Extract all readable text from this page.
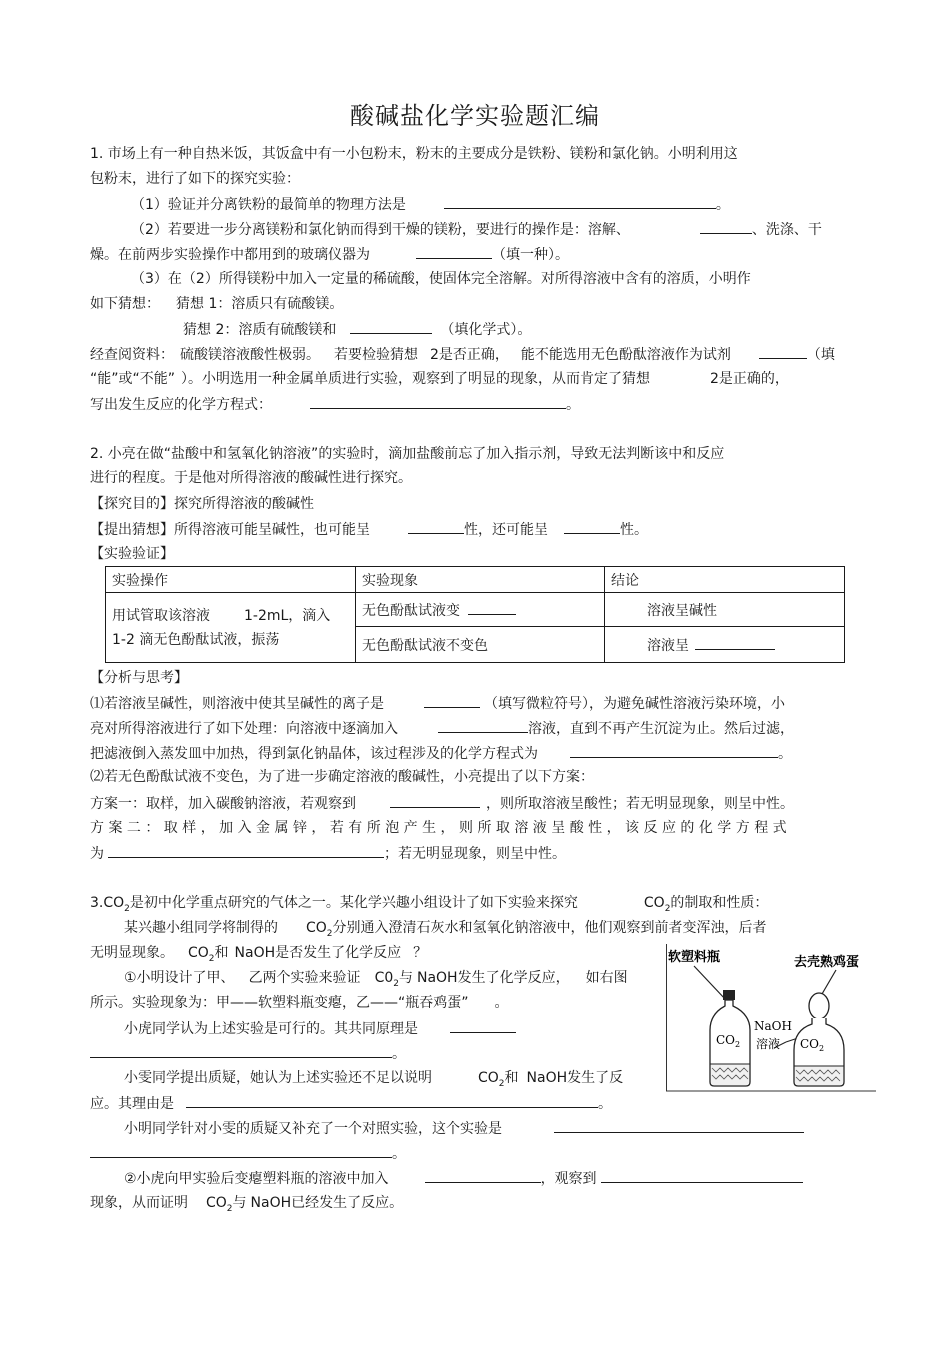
酸碱盐化学实验题汇编
1. 市场上有一种自热米饭，其饭盒中有一小包粉末，粉末的主要成分是铁粉、镁粉和氯化钠。小明利用这
包粉末，进行了如下的探究实验：
（1）验证并分离铁粉的最简单的物理方法是	。
（2）若要进一步分离镁粉和氯化钠而得到干燥的镁粉，要进行的操作是：溶解、	、洗涤、干
燥。在前两步实验操作中都用到的玻璃仪器为	（填一种）。
（3）在（2）所得镁粉中加入一定量的稀硫酸，使固体完全溶解。对所得溶液中含有的溶质，小明作
如下猜想： 猜想 1：溶质只有硫酸镁。
猜想 2：溶质有硫酸镁和	（填化学式）。
经查阅资料： 硫酸镁溶液酸性极弱。 若要检验猜想 2是否正确， 能不能选用无色酚酞溶液作为试剂	（填
“能”或“不能” ）。小明选用一种金属单质进行实验，观察到了明显的现象，从而肯定了猜想	2是正确的，
写出发生反应的化学方程式：	。
2. 小亮在做“盐酸中和氢氧化钠溶液”的实验时，滴加盐酸前忘了加入指示剂，导致无法判断该中和反应
进行的程度。于是他对所得溶液的酸碱性进行探究。
【探究目的】探究所得溶液的酸碱性
【提出猜想】所得溶液可能呈碱性，也可能呈	性，还可能呈	性。
【实验验证】
实验操作	实验现象	结论

用试管取该溶液 1-2mL，滴入
1-2 滴无色酚酞试液，振荡	无色酚酞试液变	溶液呈碱性
	无色酚酞试液不变色	溶液呈
【分析与思考】
⑴若溶液呈碱性，则溶液中使其呈碱性的离子是	（填写微粒符号），为避免碱性溶液污染环境，小
亮对所得溶液进行了如下处理：向溶液中逐滴加入	溶液，直到不再产生沉淀为止。然后过滤，
把滤液倒入蒸发皿中加热，得到氯化钠晶体，该过程涉及的化学方程式为	。
⑵若无色酚酞试液不变色，为了进一步确定溶液的酸碱性，小亮提出了以下方案：
方案一：取样，加入碳酸钠溶液，若观察到	，则所取溶液呈酸性；若无明显现象，则呈中性。
方 案 二 ： 取 样 ， 加 入 金 属 锌 ， 若 有 所 泡 产 生 ， 则 所 取 溶 液 呈 酸 性 ， 该 反 应 的 化 学 方 程 式
为	；若无明显现象，则呈中性。
$3.CO_2$是初中化学重点研究的气体之一。某化学兴趣小组设计了如下实验来探究	$CO_2$的制取和性质：
某兴趣小组同学将制得的 $CO_2$分别通入澄清石灰水和氢氧化钠溶液中，他们观察到前者变浑浊，后者
无明显现象。 $CO_2$和 NaOH是否发生了化学反应 ？
①小明设计了甲、 乙两个实验来验证 $C0_2$与 NaOH发生了化学反应， 如右图
所示。实验现象为：甲——软塑料瓶变瘪，乙——“瓶吞鸡蛋” 。
小虎同学认为上述实验是可行的。其共同原理是
。
小雯同学提出质疑，她认为上述实验还不足以说明	$CO_2$和 NaOH发生了反
应。其理由是	。
小明同学针对小雯的质疑又补充了一个对照实验，这个实验是
。
②小虎向甲实验后变瘪塑料瓶的溶液中加入	，观察到
现象，从而证明 $CO_2$与 NaOH已经发生了反应。
软塑料瓶	去壳熟鸡蛋
$CO_2$
NaOH
溶液 $CO_2$
